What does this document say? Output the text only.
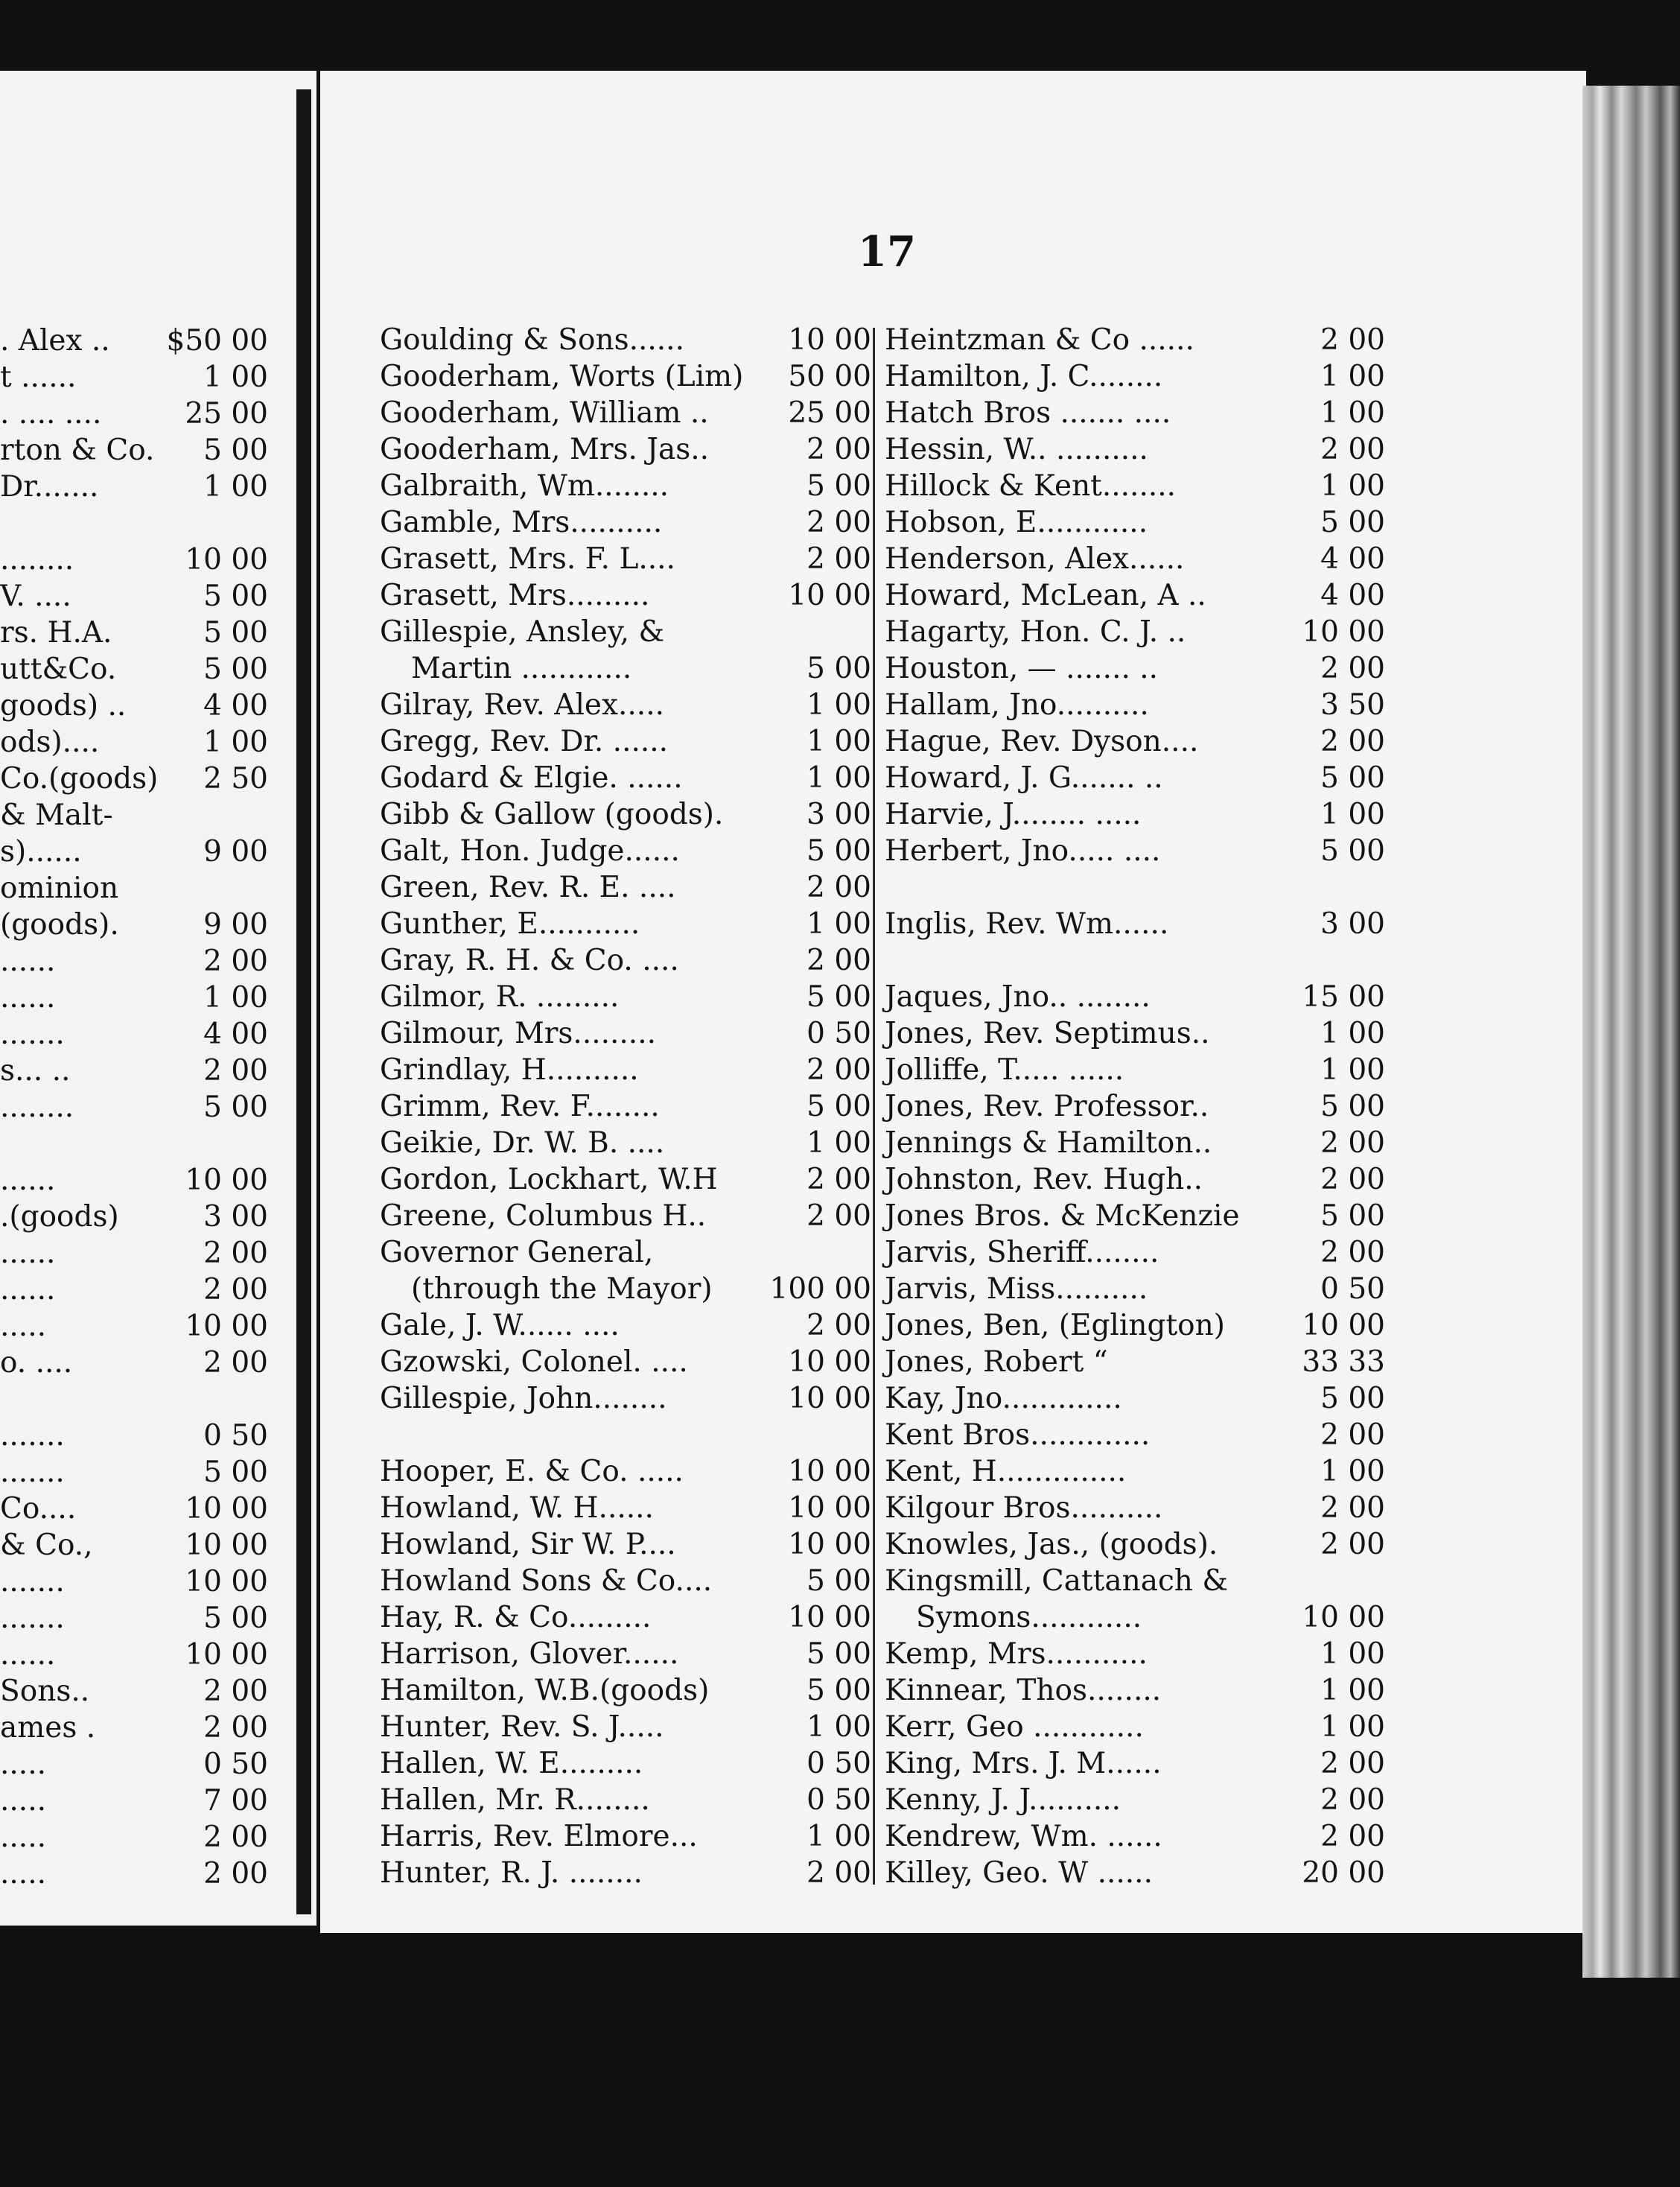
. Alex .. $50 00
t ......	1 00
. .... ....	25 00
rton & Co. 5 00
Dr.......	1 00
........	10 00
V. ....	5 00
rs. H.A.	5 00
utt&Co.	5 00
goods) ..	4 00
ods)....	1 00
Co.(goods) 2 50
& Malt-
s)......	9 00
ominion
(goods).	9 00
......	2 00
......	1 00
.......	4 00
s... ..	2 00
........	5 00
......	10 00
.(goods)	3 00
......	2 00
......	2 00
.....	10 00
o. ....	2 00
.......	0 50
.......	5 00
Co....	10 00
& Co.,	10 00
.......	10 00
.......	5 00
......	10 00
Sons..	2 00
ames .	2 00
.....	0 50
.....	7 00
.....	2 00
.....	2 00
17
Goulding & Sons......	10 00
Gooderham, Worts (Lim) 50 00
Gooderham, William ..	25 00
Gooderham, Mrs. Jas..	2 00
Galbraith, Wm........	5 00
Gamble, Mrs..........	2 00
Grasett, Mrs. F. L....	2 00
Grasett, Mrs.........	10 00
Gillespie, Ansley, &
Martin ............	5 00
Gilray, Rev. Alex.....	1 00
Gregg, Rev. Dr. ......	1 00
Godard & Elgie. ......	1 00
Gibb & Gallow (goods).	3 00
Galt, Hon. Judge......	5 00
Green, Rev. R. E. ....	2 00
Gunther, E...........	1 00
Gray, R. H. & Co. ....	2 00
Gilmor, R. .........	5 00
Gilmour, Mrs.........	0 50
Grindlay, H..........	2 00
Grimm, Rev. F........	5 00
Geikie, Dr. W. B. ....	1 00
Gordon, Lockhart, W.H	2 00
Greene, Columbus H..	2 00
Governor General,
(through the Mayor) 100 00
Gale, J. W...... ....	2 00
Gzowski, Colonel. ....	10 00
Gillespie, John........	10 00
Hooper, E. & Co. .....	10 00
Howland, W. H......	10 00
Howland, Sir W. P....	10 00
Howland Sons & Co....	5 00
Hay, R. & Co.........	10 00
Harrison, Glover......	5 00
Hamilton, W.B.(goods)	5 00
Hunter, Rev. S. J.....	1 00
Hallen, W. E.........	0 50
Hallen, Mr. R........	0 50
Harris, Rev. Elmore...	1 00
Hunter, R. J. ........	2 00
Heintzman & Co ......	2 00
Hamilton, J. C........	1 00
Hatch Bros ....... ....	1 00
Hessin, W.. ..........	2 00
Hillock & Kent........	1 00
Hobson, E............	5 00
Henderson, Alex......	4 00
Howard, McLean, A ..	4 00
Hagarty, Hon. C. J. ..	10 00
Houston, — ....... ..	2 00
Hallam, Jno..........	3 50
Hague, Rev. Dyson....	2 00
Howard, J. G....... ..	5 00
Harvie, J........ .....	1 00
Herbert, Jno..... ....	5 00
Inglis, Rev. Wm......	3 00
Jaques, Jno.. ........	15 00
Jones, Rev. Septimus..	1 00
Jolliffe, T..... ......	1 00
Jones, Rev. Professor..	5 00
Jennings & Hamilton..	2 00
Johnston, Rev. Hugh..	2 00
Jones Bros. & McKenzie	5 00
Jarvis, Sheriff........	2 00
Jarvis, Miss..........	0 50
Jones, Ben, (Eglington)	10 00
Jones, Robert “	33 33
Kay, Jno.............	5 00
Kent Bros.............	2 00
Kent, H..............	1 00
Kilgour Bros..........	2 00
Knowles, Jas., (goods).	2 00
Kingsmill, Cattanach &
Symons............	10 00
Kemp, Mrs...........	1 00
Kinnear, Thos........	1 00
Kerr, Geo ............	1 00
King, Mrs. J. M......	2 00
Kenny, J. J..........	2 00
Kendrew, Wm. ......	2 00
Killey, Geo. W ......	20 00
